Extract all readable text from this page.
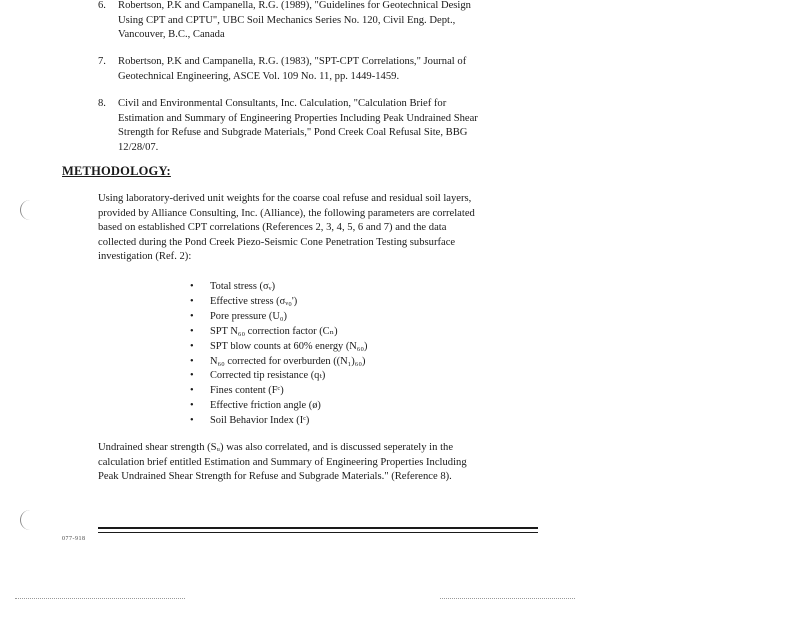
6.	Robertson, P.K and Campanella, R.G. (1989), "Guidelines for Geotechnical Design
Using CPT and CPTU", UBC Soil Mechanics Series No. 120, Civil Eng. Dept.,
Vancouver, B.C., Canada
7.	Robertson, P.K and Campanella, R.G. (1983), "SPT-CPT Correlations," Journal of
Geotechnical Engineering, ASCE Vol. 109 No. 11, pp. 1449-1459.
8.	Civil and Environmental Consultants, Inc. Calculation, "Calculation Brief for
Estimation and Summary of Engineering Properties Including Peak Undrained Shear
Strength for Refuse and Subgrade Materials," Pond Creek Coal Refusal Site, BBG
12/28/07.
METHODOLOGY:
Using laboratory-derived unit weights for the coarse coal refuse and residual soil layers,
provided by Alliance Consulting, Inc. (Alliance), the following parameters are correlated
based on established CPT correlations (References 2, 3, 4, 5, 6 and 7) and the data
collected during the Pond Creek Piezo-Seismic Cone Penetration Testing subsurface
investigation (Ref. 2):
• Total stress (σᵥ)
• Effective stress (σᵥ₀')
• Pore pressure (U₀)
• SPT N₆₀ correction factor (Cₙ)
• SPT blow counts at 60% energy (N₆₀)
• N₆₀ corrected for overburden ((N₁)₆₀)
• Corrected tip resistance (qₜ)
• Fines content (Fᶜ)
• Effective friction angle (ø)
• Soil Behavior Index (Iᶜ)
Undrained shear strength (Sᵤ) was also correlated, and is discussed seperately in the
calculation brief entitled Estimation and Summary of Engineering Properties Including
Peak Undrained Shear Strength for Refuse and Subgrade Materials." (Reference 8).
077-918
